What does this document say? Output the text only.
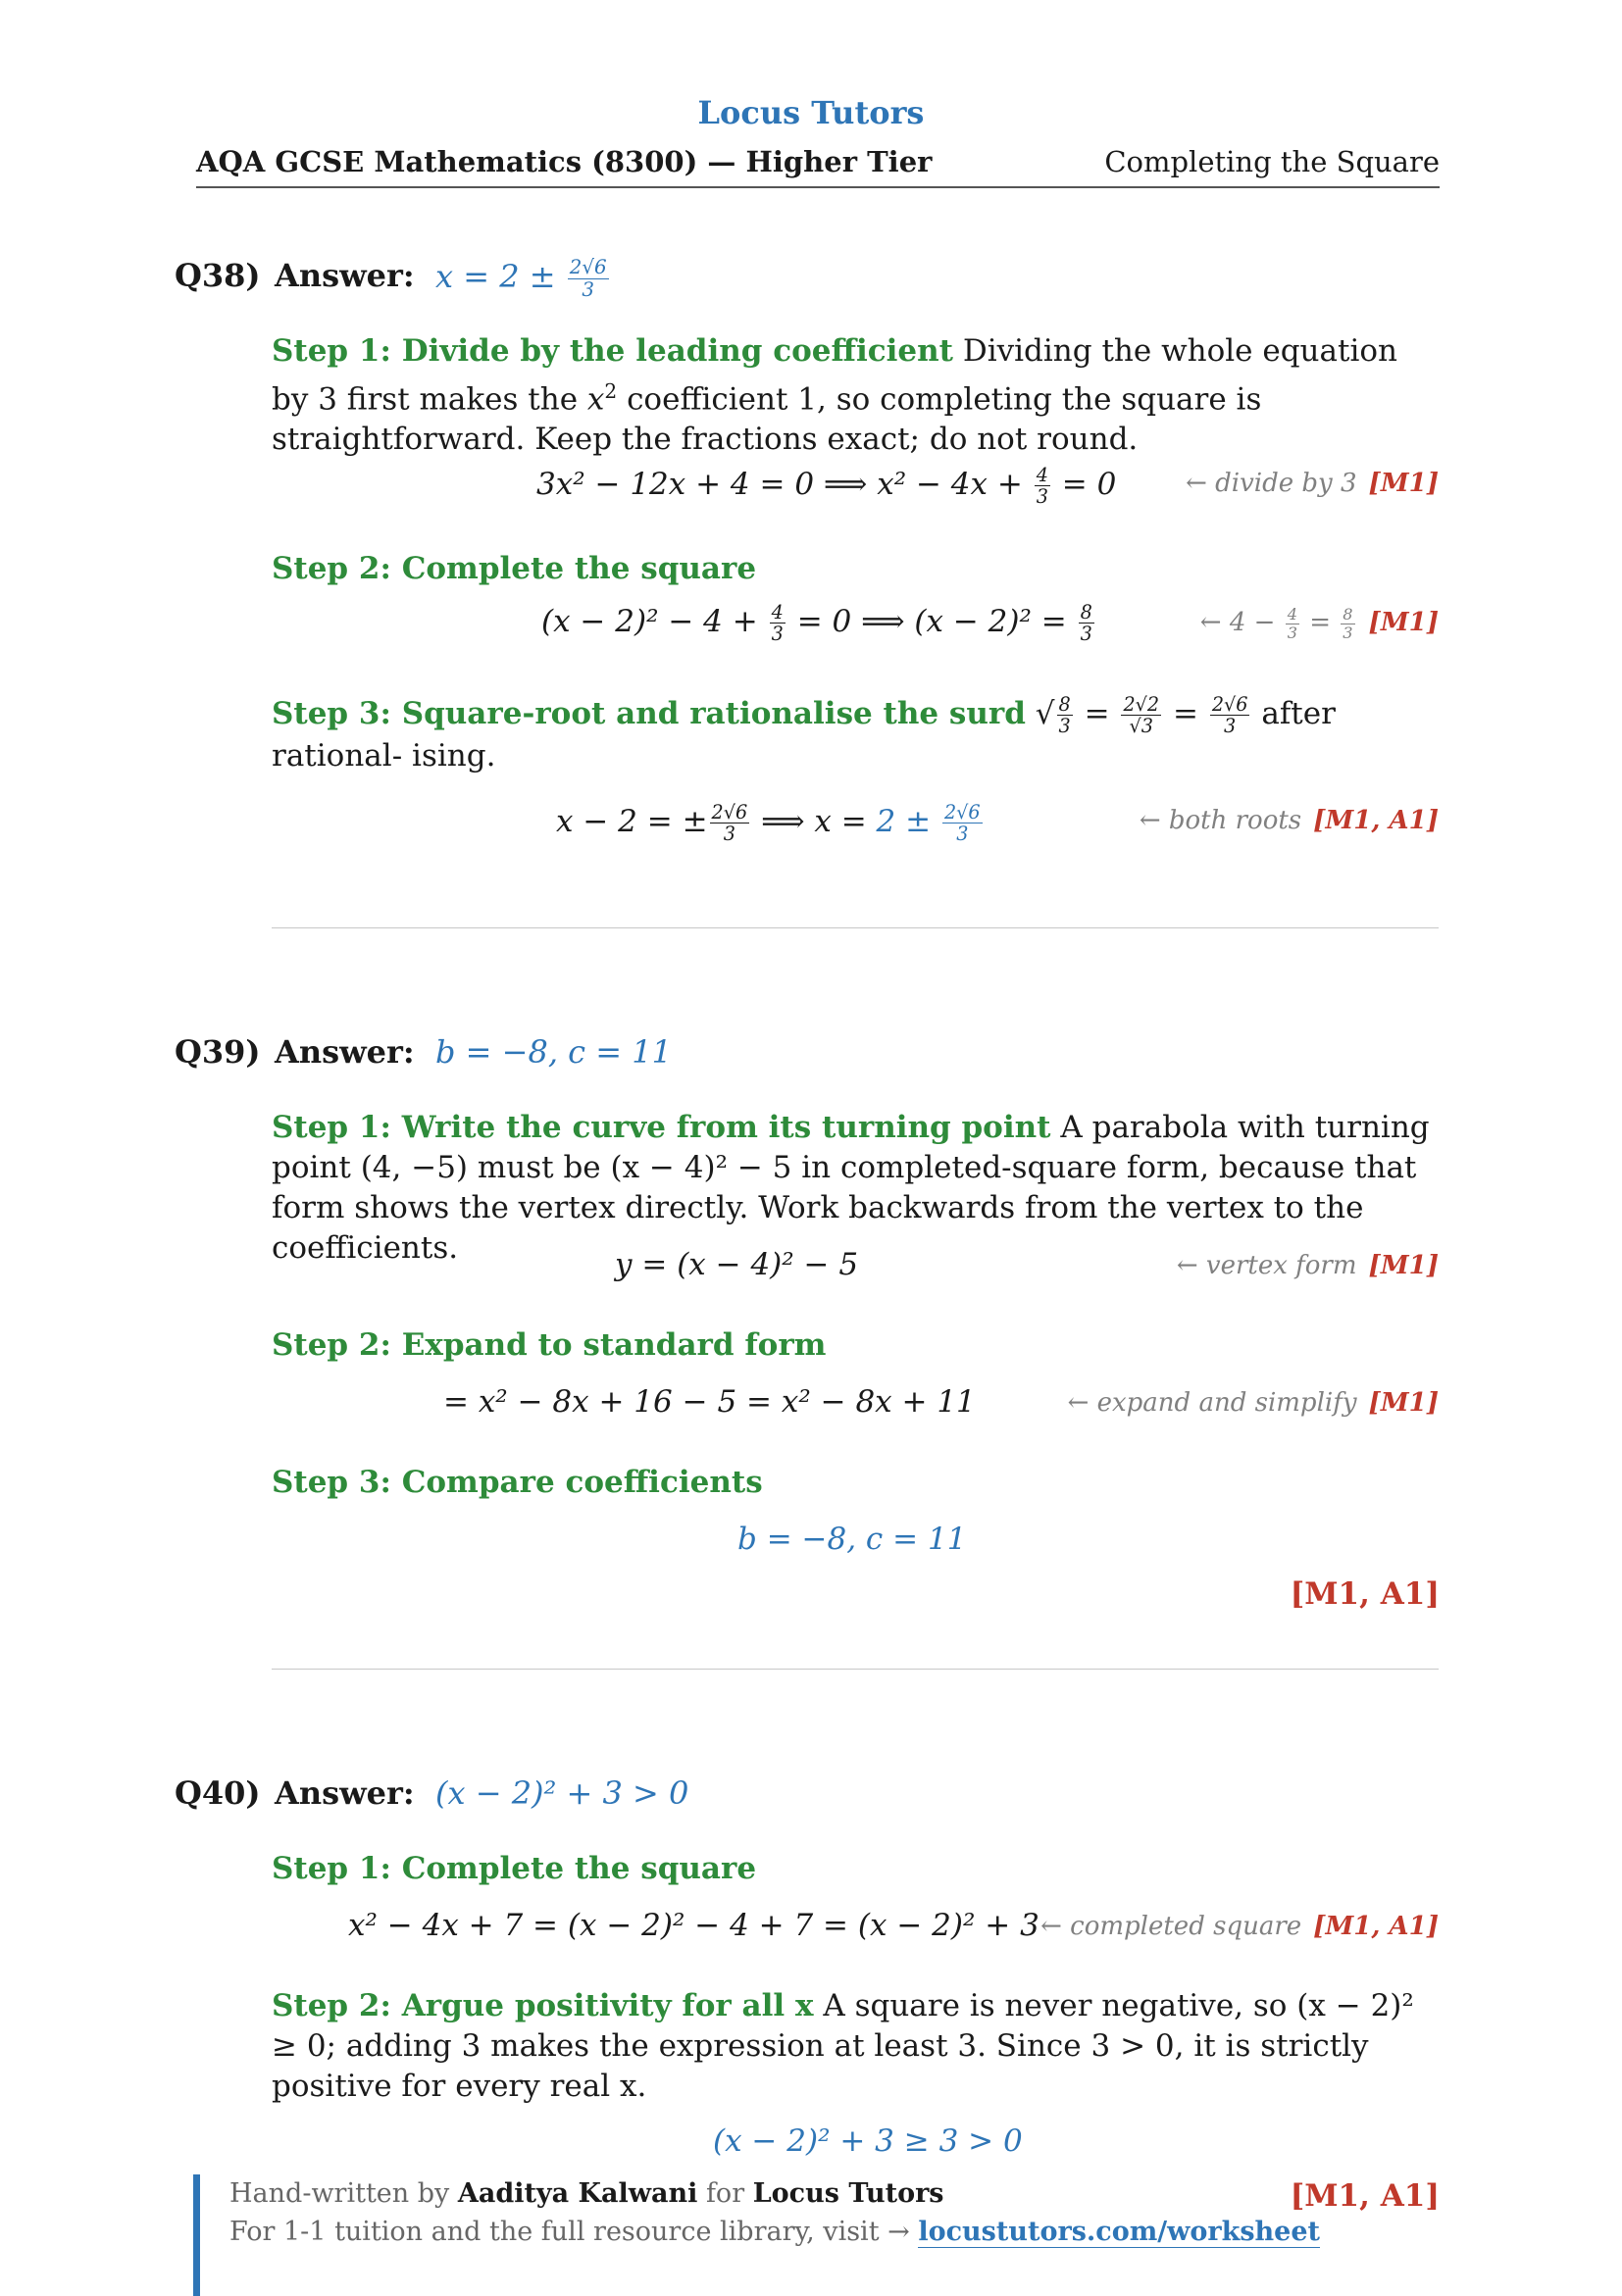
Locus Tutors
AQA GCSE Mathematics (8300) — Higher Tier	Completing the Square
Q38) Answer: $x = 2 \pm \frac{2√6}{3}$
Step 1: Divide by the leading coefficient Dividing the whole equation by 3 first makes the $x^2$ coefficient 1, so completing the square is straightforward. Keep the fractions exact; do not round.
3x² − 12x + 4 = 0 ⟹ $x^2 - 4x + \frac{4}{3} = 0$	← divide by 3 [M1]
Step 2: Complete the square
$(x - 2)^2 - 4 + \frac{4}{3} = 0$ ⟹ $(x - 2)^2 = \frac{8}{3}$	← $4 - \frac{4}{3} = \frac{8}{3} [M1]$
Step 3: Square-root and rationalise the surd √ $\frac{8}{3} = \frac{2√2}{√3} = \frac{2√6}{3}$ after rational- ising.
x − 2 = ± $\frac{2√6}{3}$ ⟹ $x = 2 \pm \frac{2√6}{3}$	← both roots [M1, A1]
Q39) Answer: b = −8, c = 11
Step 1: Write the curve from its turning point A parabola with turning point (4, −5) must be (x − 4)² − 5 in completed-square form, because that form shows the vertex directly. Work backwards from the vertex to the coefficients.	y = (x − 4)² − 5	← vertex form [M1]
Step 2: Expand to standard form
= x² − 8x + 16 − 5 = x² − 8x + 11	← expand and simplify [M1]
Step 3: Compare coefficients
b = −8, c = 11
[M1, A1]
Q40) Answer: (x − 2)² + 3 > 0
Step 1: Complete the square
x² − 4x + 7 = (x − 2)² − 4 + 7 = (x − 2)² + 3 ← completed square [M1, A1]
Step 2: Argue positivity for all x A square is never negative, so (x − 2)² ≥ 0; adding 3 makes the expression at least 3. Since 3 > 0, it is strictly positive for every real x.
(x − 2)² + 3 ≥ 3 > 0
[M1, A1]
Hand-written by Aaditya Kalwani for Locus Tutors
For 1-1 tuition and the full resource library, visit → locustutors.com/worksheet
